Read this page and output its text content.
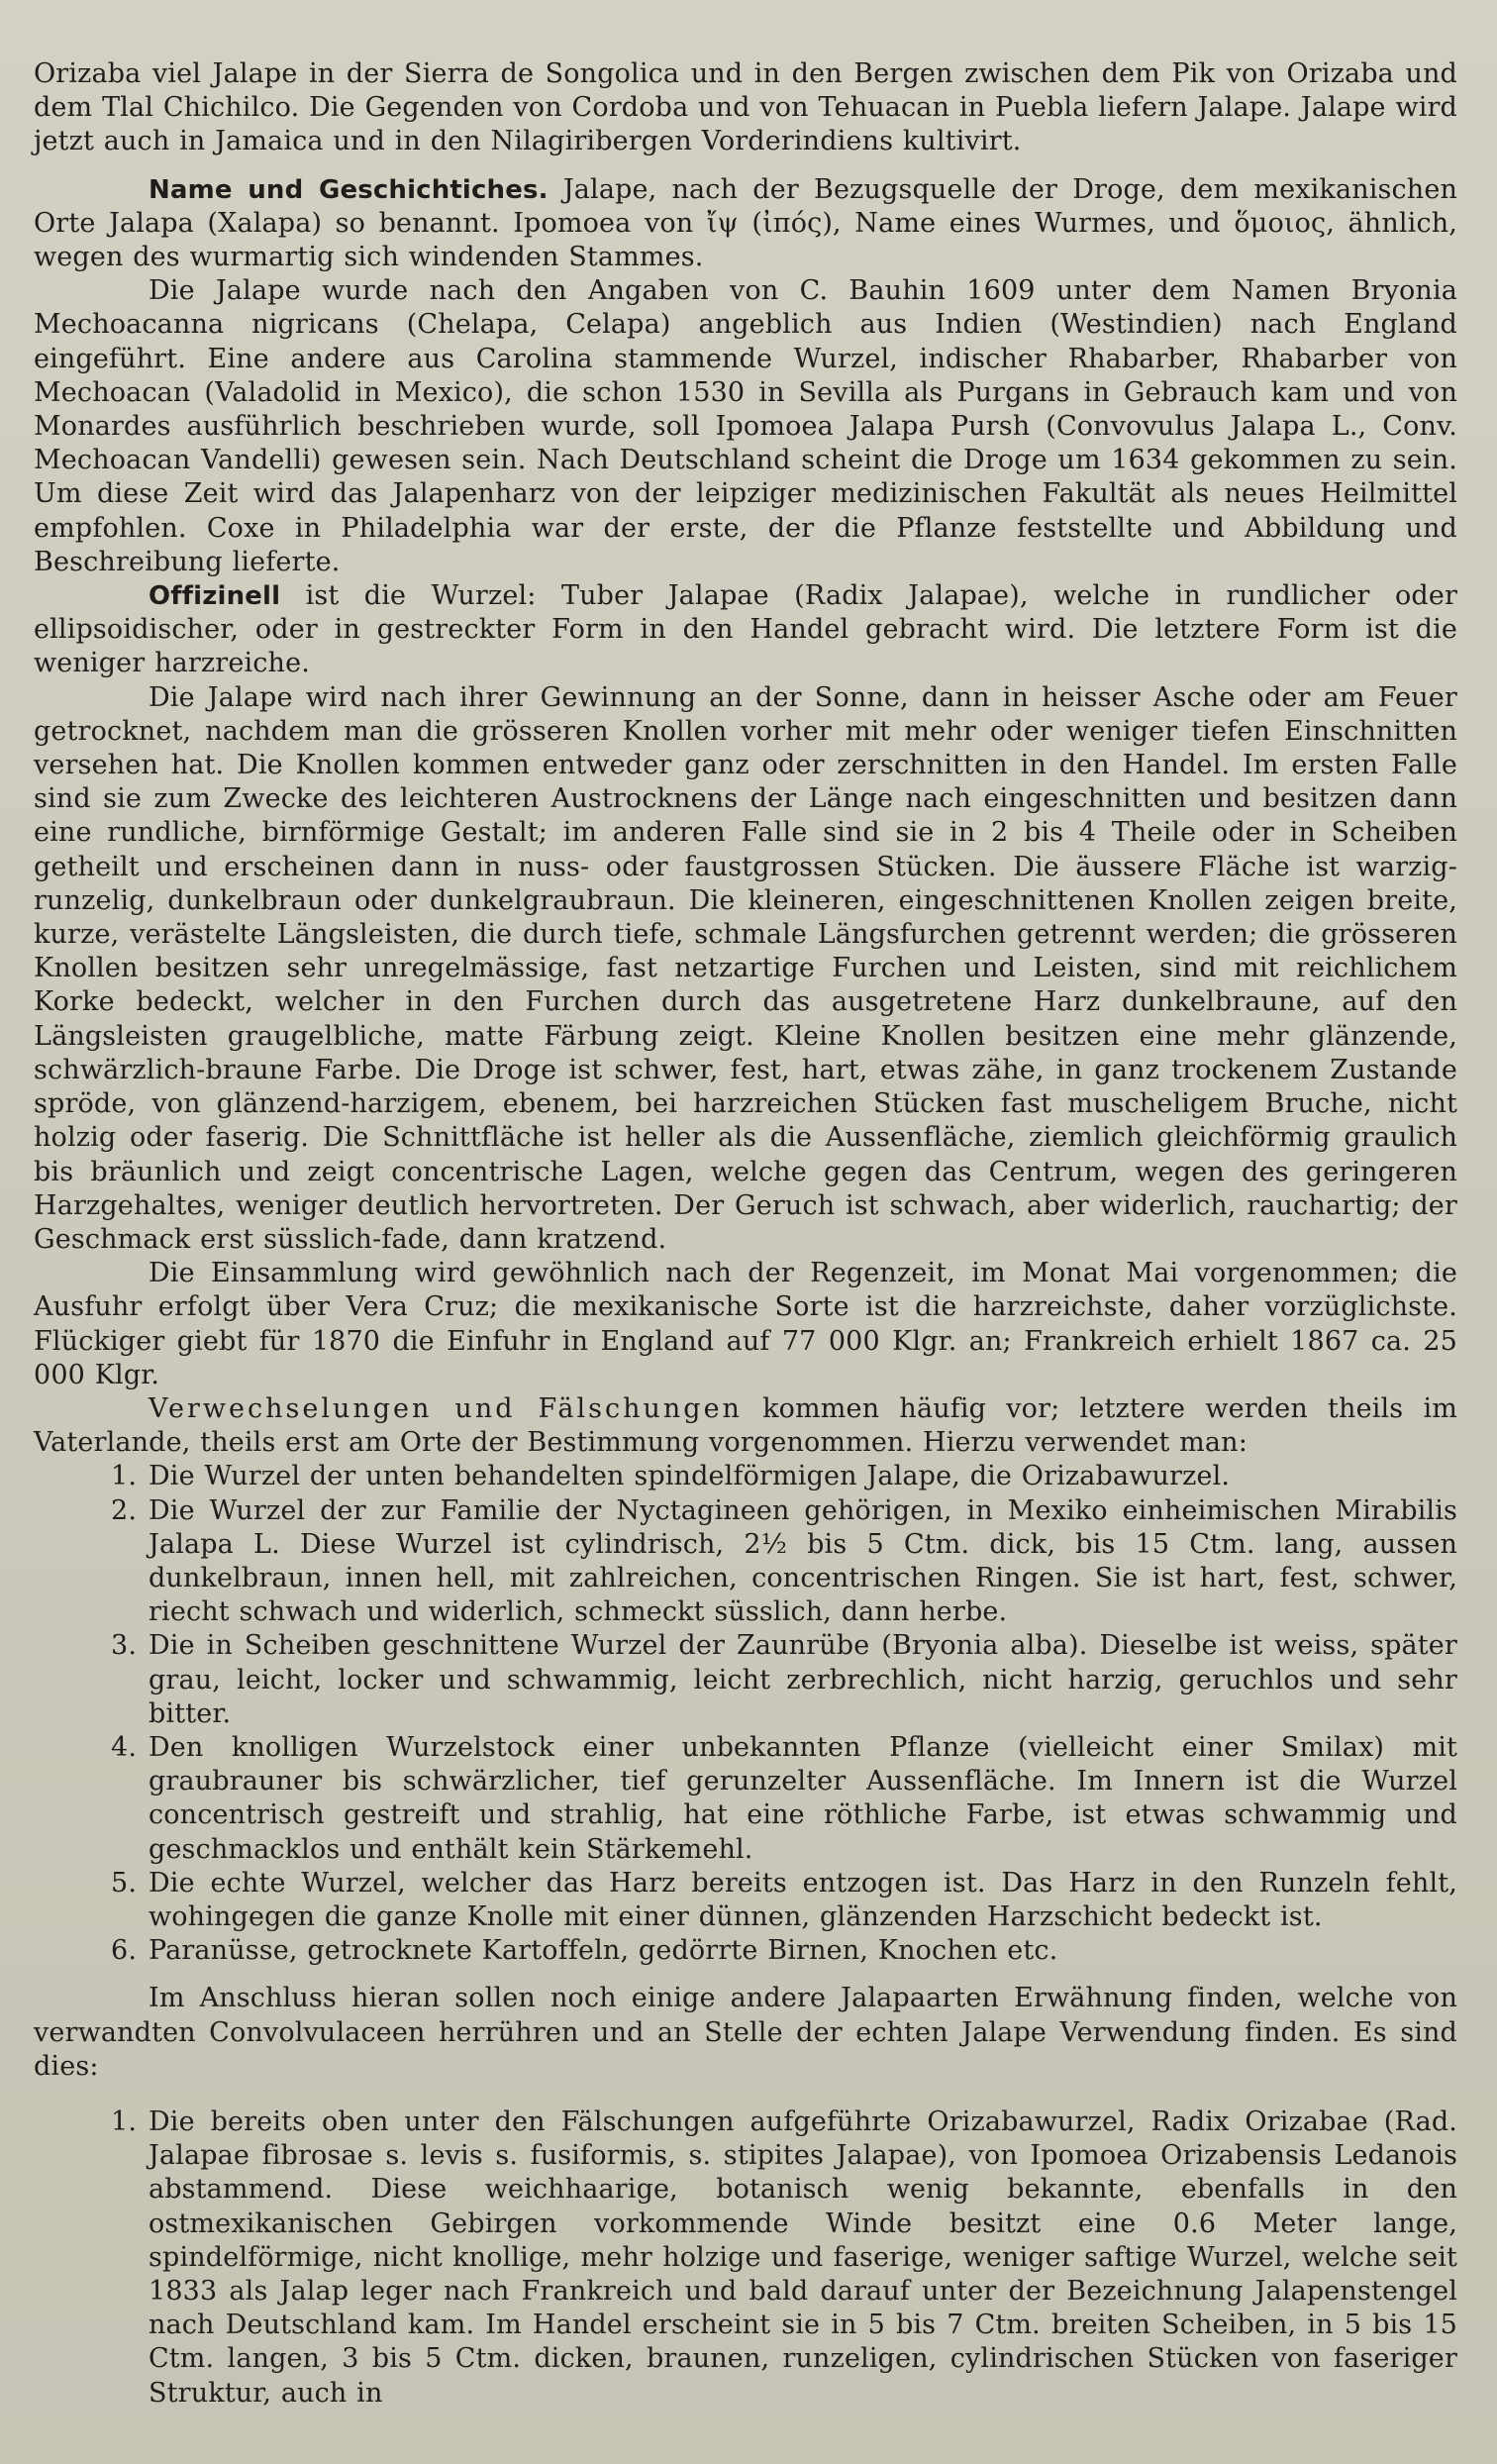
Orizaba viel Jalape in der Sierra de Songolica und in den Bergen zwischen dem Pik von Orizaba und dem Tlal Chichilco. Die Gegenden von Cordoba und von Tehuacan in Puebla liefern Jalape. Jalape wird jetzt auch in Jamaica und in den Nilagiribergen Vorderindiens kultivirt.

Name und Geschichtiches. Jalape, nach der Bezugsquelle der Droge, dem mexikanischen Orte Jalapa (Xalapa) so benannt. Ipomoea von ἴψ (ἰπός), Name eines Wurmes, und ὅμοιος, ähnlich, wegen des wurmartig sich windenden Stammes.

Die Jalape wurde nach den Angaben von C. Bauhin 1609 unter dem Namen Bryonia Mechoacanna nigricans (Chelapa, Celapa) angeblich aus Indien (Westindien) nach England eingeführt. Eine andere aus Carolina stammende Wurzel, indischer Rhabarber, Rhabarber von Mechoacan (Valadolid in Mexico), die schon 1530 in Sevilla als Purgans in Gebrauch kam und von Monardes ausführlich beschrieben wurde, soll Ipomoea Jalapa Pursh (Convovulus Jalapa L., Conv. Mechoacan Vandelli) gewesen sein. Nach Deutschland scheint die Droge um 1634 gekommen zu sein. Um diese Zeit wird das Jalapenharz von der leipziger medizinischen Fakultät als neues Heilmittel empfohlen. Coxe in Philadelphia war der erste, der die Pflanze feststellte und Abbildung und Beschreibung lieferte.

Offizinell ist die Wurzel: Tuber Jalapae (Radix Jalapae), welche in rundlicher oder ellipsoidischer, oder in gestreckter Form in den Handel gebracht wird. Die letztere Form ist die weniger harzreiche.

Die Jalape wird nach ihrer Gewinnung an der Sonne, dann in heisser Asche oder am Feuer getrocknet, nachdem man die grösseren Knollen vorher mit mehr oder weniger tiefen Einschnitten versehen hat. Die Knollen kommen entweder ganz oder zerschnitten in den Handel. Im ersten Falle sind sie zum Zwecke des leichteren Austrocknens der Länge nach eingeschnitten und besitzen dann eine rundliche, birnförmige Gestalt; im anderen Falle sind sie in 2 bis 4 Theile oder in Scheiben getheilt und erscheinen dann in nuss- oder faustgrossen Stücken. Die äussere Fläche ist warzig-runzelig, dunkelbraun oder dunkelgraubraun. Die kleineren, eingeschnittenen Knollen zeigen breite, kurze, verästelte Längsleisten, die durch tiefe, schmale Längsfurchen getrennt werden; die grösseren Knollen besitzen sehr unregelmässige, fast netzartige Furchen und Leisten, sind mit reichlichem Korke bedeckt, welcher in den Furchen durch das ausgetretene Harz dunkelbraune, auf den Längsleisten graugelbliche, matte Färbung zeigt. Kleine Knollen besitzen eine mehr glänzende, schwärzlich-braune Farbe. Die Droge ist schwer, fest, hart, etwas zähe, in ganz trockenem Zustande spröde, von glänzend-harzigem, ebenem, bei harzreichen Stücken fast muscheligem Bruche, nicht holzig oder faserig. Die Schnittfläche ist heller als die Aussenfläche, ziemlich gleichförmig graulich bis bräunlich und zeigt concentrische Lagen, welche gegen das Centrum, wegen des geringeren Harzgehaltes, weniger deutlich hervortreten. Der Geruch ist schwach, aber widerlich, rauchartig; der Geschmack erst süsslich-fade, dann kratzend.

Die Einsammlung wird gewöhnlich nach der Regenzeit, im Monat Mai vorgenommen; die Ausfuhr erfolgt über Vera Cruz; die mexikanische Sorte ist die harzreichste, daher vorzüglichste. Flückiger giebt für 1870 die Einfuhr in England auf 77 000 Klgr. an; Frankreich erhielt 1867 ca. 25 000 Klgr.

Verwechselungen und Fälschungen kommen häufig vor; letztere werden theils im Vaterlande, theils erst am Orte der Bestimmung vorgenommen. Hierzu verwendet man:

1. Die Wurzel der unten behandelten spindelförmigen Jalape, die Orizabawurzel.
2. Die Wurzel der zur Familie der Nyctagineen gehörigen, in Mexiko einheimischen Mirabilis Jalapa L. Diese Wurzel ist cylindrisch, 2½ bis 5 Ctm. dick, bis 15 Ctm. lang, aussen dunkelbraun, innen hell, mit zahlreichen, concentrischen Ringen. Sie ist hart, fest, schwer, riecht schwach und widerlich, schmeckt süsslich, dann herbe.
3. Die in Scheiben geschnittene Wurzel der Zaunrübe (Bryonia alba). Dieselbe ist weiss, später grau, leicht, locker und schwammig, leicht zerbrechlich, nicht harzig, geruchlos und sehr bitter.
4. Den knolligen Wurzelstock einer unbekannten Pflanze (vielleicht einer Smilax) mit graubrauner bis schwärzlicher, tief gerunzelter Aussenfläche. Im Innern ist die Wurzel concentrisch gestreift und strahlig, hat eine röthliche Farbe, ist etwas schwammig und geschmacklos und enthält kein Stärkemehl.
5. Die echte Wurzel, welcher das Harz bereits entzogen ist. Das Harz in den Runzeln fehlt, wohingegen die ganze Knolle mit einer dünnen, glänzenden Harzschicht bedeckt ist.
6. Paranüsse, getrocknete Kartoffeln, gedörrte Birnen, Knochen etc.

Im Anschluss hieran sollen noch einige andere Jalapaarten Erwähnung finden, welche von verwandten Convolvulaceen herrühren und an Stelle der echten Jalape Verwendung finden. Es sind dies:

1. Die bereits oben unter den Fälschungen aufgeführte Orizabawurzel, Radix Orizabae (Rad. Jalapae fibrosae s. levis s. fusiformis, s. stipites Jalapae), von Ipomoea Orizabensis Ledanois abstammend. Diese weichhaarige, botanisch wenig bekannte, ebenfalls in den ostmexikanischen Gebirgen vorkommende Winde besitzt eine 0.6 Meter lange, spindelförmige, nicht knollige, mehr holzige und faserige, weniger saftige Wurzel, welche seit 1833 als Jalap leger nach Frankreich und bald darauf unter der Bezeichnung Jalapenstengel nach Deutschland kam. Im Handel erscheint sie in 5 bis 7 Ctm. breiten Scheiben, in 5 bis 15 Ctm. langen, 3 bis 5 Ctm. dicken, braunen, runzeligen, cylindrischen Stücken von faseriger Struktur, auch in
